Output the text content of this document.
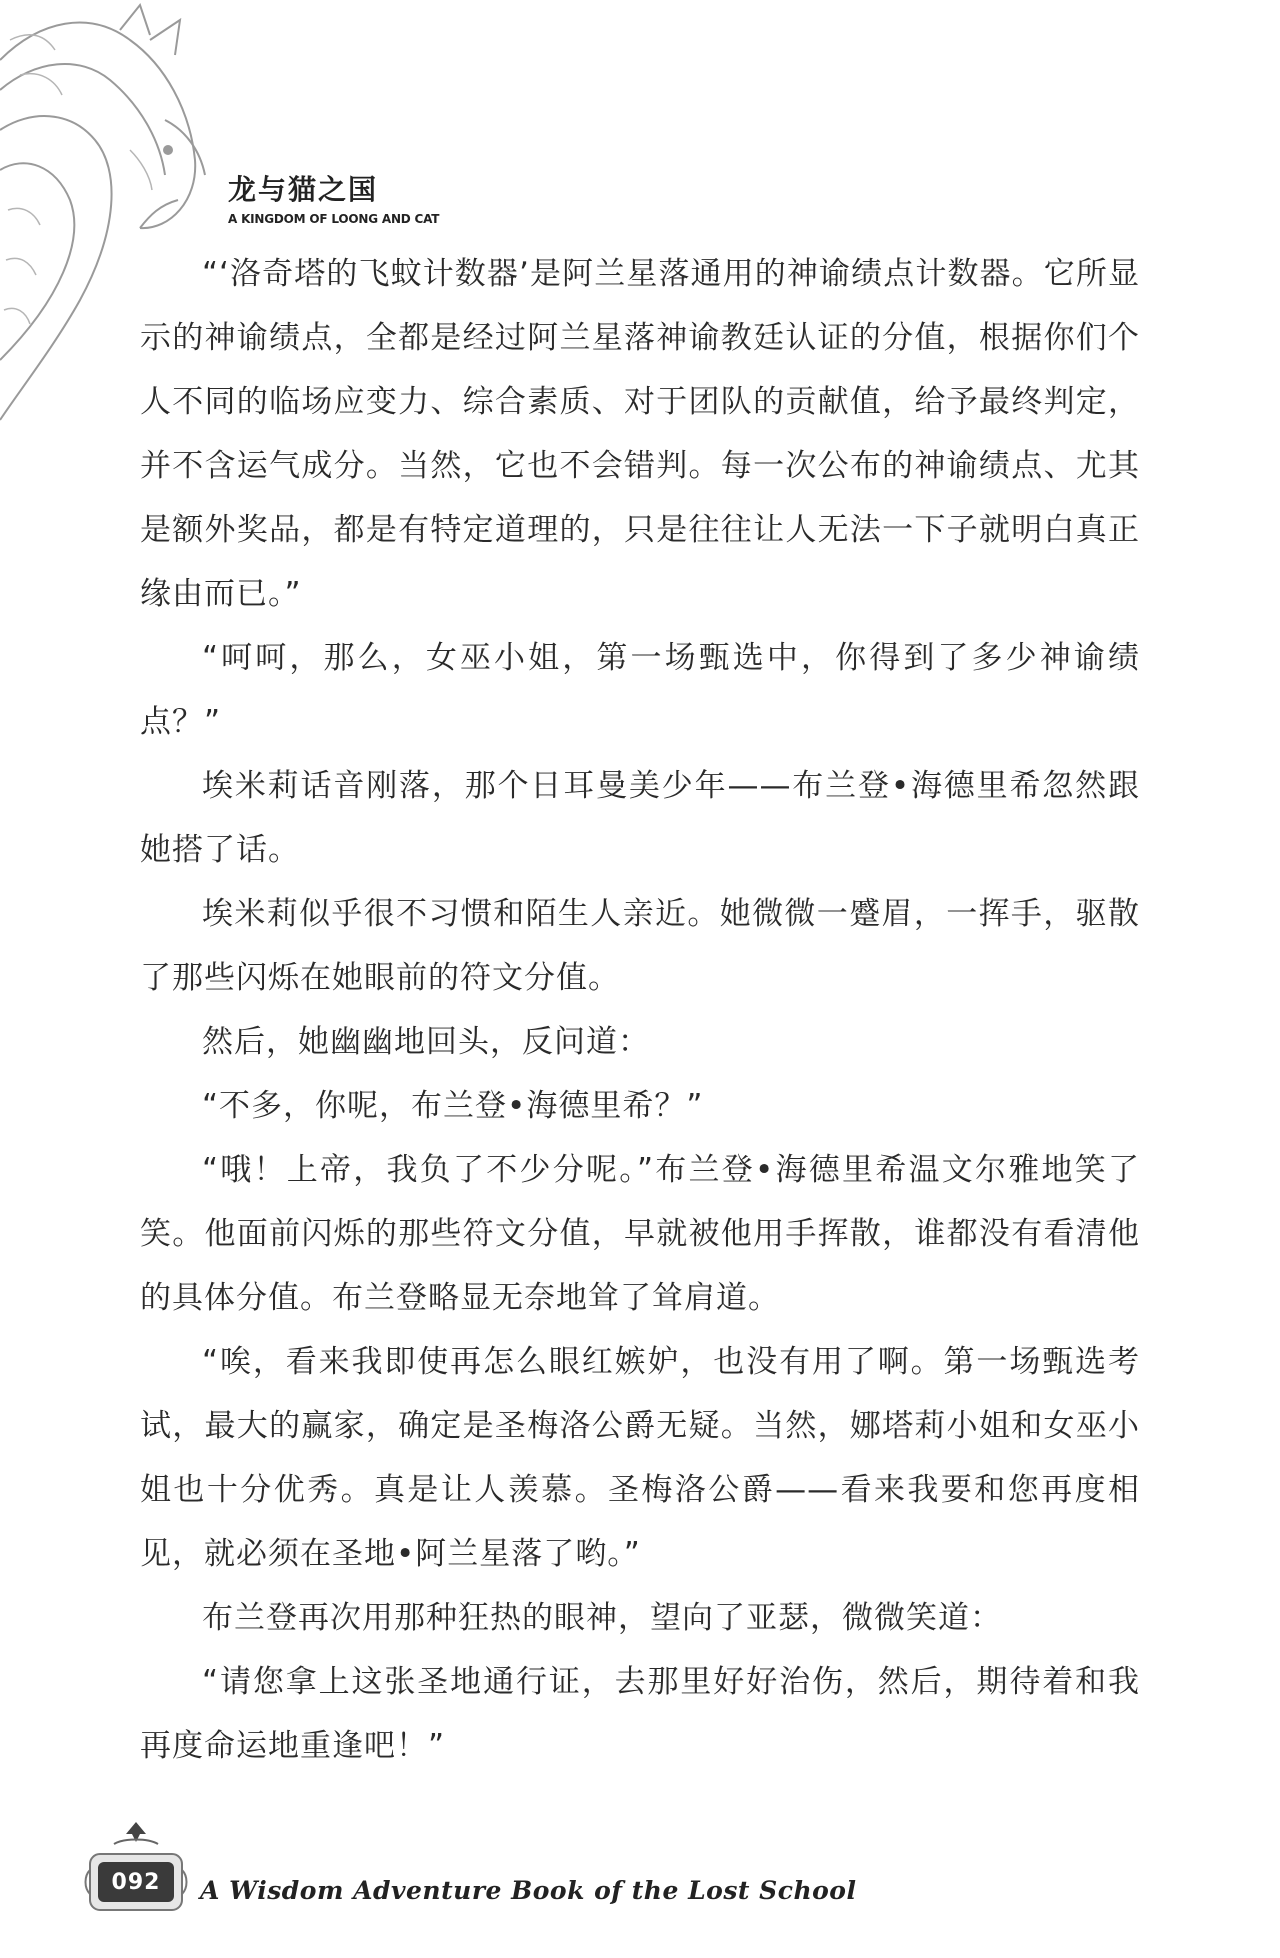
龙与猫之国
A KINGDOM OF LOONG AND CAT

“‘洛奇塔的飞蚊计数器’是阿兰星落通用的神谕绩点计数器。它所显示的神谕绩点，全都是经过阿兰星落神谕教廷认证的分值，根据你们个人不同的临场应变力、综合素质、对于团队的贡献值，给予最终判定，并不含运气成分。当然，它也不会错判。每一次公布的神谕绩点、尤其是额外奖品，都是有特定道理的，只是往往让人无法一下子就明白真正缘由而已。”

“呵呵，那么，女巫小姐，第一场甄选中，你得到了多少神谕绩点？”

埃米莉话音刚落，那个日耳曼美少年——布兰登•海德里希忽然跟她搭了话。

埃米莉似乎很不习惯和陌生人亲近。她微微一蹙眉，一挥手，驱散了那些闪烁在她眼前的符文分值。

然后，她幽幽地回头，反问道：

“不多，你呢，布兰登•海德里希？”

“哦！上帝，我负了不少分呢。”布兰登•海德里希温文尔雅地笑了笑。他面前闪烁的那些符文分值，早就被他用手挥散，谁都没有看清他的具体分值。布兰登略显无奈地耸了耸肩道。

“唉，看来我即使再怎么眼红嫉妒，也没有用了啊。第一场甄选考试，最大的赢家，确定是圣梅洛公爵无疑。当然，娜塔莉小姐和女巫小姐也十分优秀。真是让人羡慕。圣梅洛公爵——看来我要和您再度相见，就必须在圣地•阿兰星落了哟。”

布兰登再次用那种狂热的眼神，望向了亚瑟，微微笑道：

“请您拿上这张圣地通行证，去那里好好治伤，然后，期待着和我再度命运地重逢吧！”

092	A Wisdom Adventure Book of the Lost School
